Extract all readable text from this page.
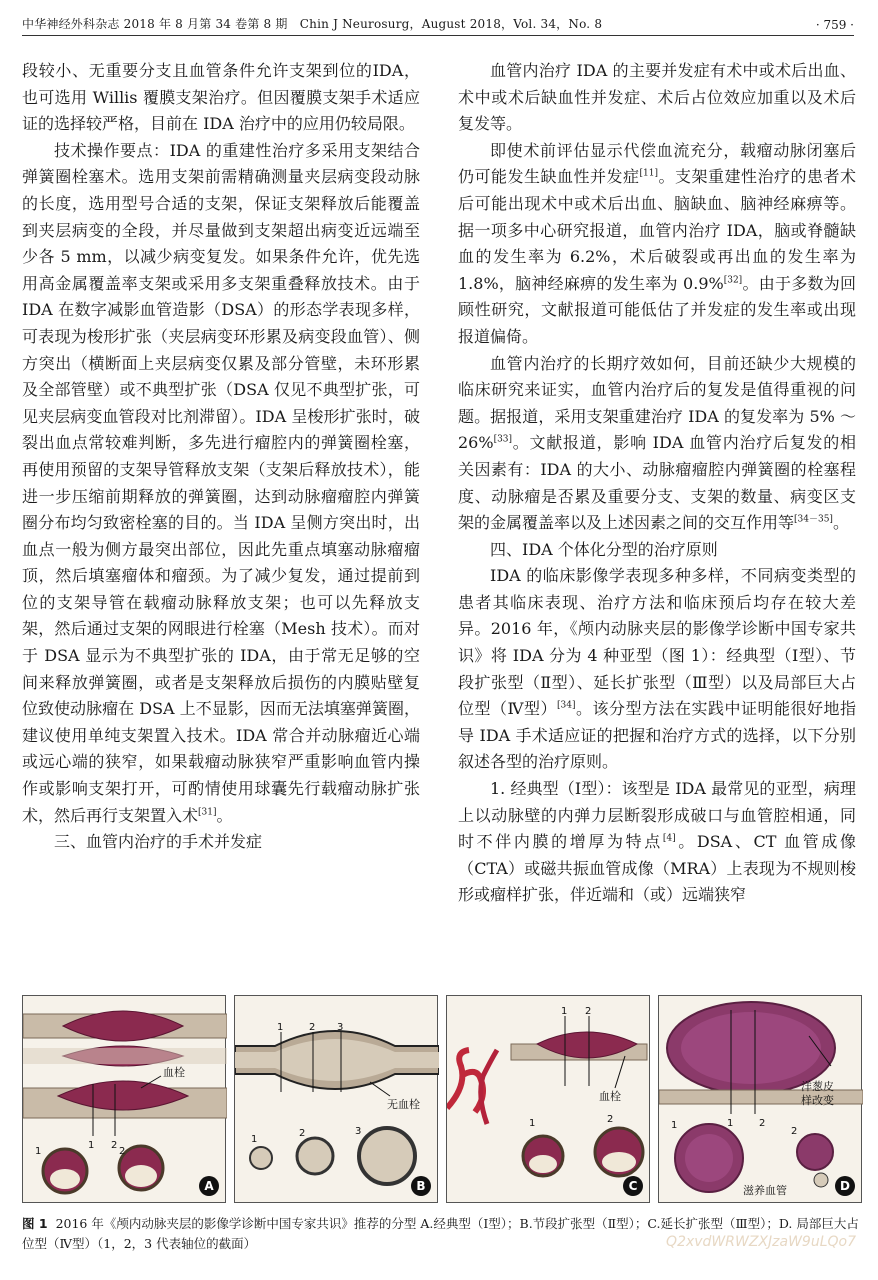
中华神经外科杂志 2018 年 8 月第 34 卷第 8 期　Chin J Neurosurg，August 2018，Vol. 34，No. 8	· 759 ·

段较小、无重要分支且血管条件允许支架到位的IDA，也可选用 Willis 覆膜支架治疗。但因覆膜支架手术适应证的选择较严格，目前在 IDA 治疗中的应用仍较局限。

技术操作要点：IDA 的重建性治疗多采用支架结合弹簧圈栓塞术。选用支架前需精确测量夹层病变段动脉的长度，选用型号合适的支架，保证支架释放后能覆盖到夹层病变的全段，并尽量做到支架超出病变近远端至少各 5 mm，以减少病变复发。如果条件允许，优先选用高金属覆盖率支架或采用多支架重叠释放技术。由于 IDA 在数字减影血管造影（DSA）的形态学表现多样，可表现为梭形扩张（夹层病变环形累及病变段血管）、侧方突出（横断面上夹层病变仅累及部分管壁，未环形累及全部管壁）或不典型扩张（DSA 仅见不典型扩张，可见夹层病变血管段对比剂滞留）。IDA 呈梭形扩张时，破裂出血点常较难判断，多先进行瘤腔内的弹簧圈栓塞，再使用预留的支架导管释放支架（支架后释放技术），能进一步压缩前期释放的弹簧圈，达到动脉瘤瘤腔内弹簧圈分布均匀致密栓塞的目的。当 IDA 呈侧方突出时，出血点一般为侧方最突出部位，因此先重点填塞动脉瘤瘤顶，然后填塞瘤体和瘤颈。为了减少复发，通过提前到位的支架导管在载瘤动脉释放支架；也可以先释放支架，然后通过支架的网眼进行栓塞（Mesh 技术）。而对于 DSA 显示为不典型扩张的 IDA，由于常无足够的空间来释放弹簧圈，或者是支架释放后损伤的内膜贴壁复位致使动脉瘤在 DSA 上不显影，因而无法填塞弹簧圈，建议使用单纯支架置入技术。IDA 常合并动脉瘤近心端或远心端的狭窄，如果载瘤动脉狭窄严重影响血管内操作或影响支架打开，可酌情使用球囊先行载瘤动脉扩张术，然后再行支架置入术[31]。

三、血管内治疗的手术并发症

血管内治疗 IDA 的主要并发症有术中或术后出血、术中或术后缺血性并发症、术后占位效应加重以及术后复发等。

即使术前评估显示代偿血流充分，载瘤动脉闭塞后仍可能发生缺血性并发症[11]。支架重建性治疗的患者术后可能出现术中或术后出血、脑缺血、脑神经麻痹等。据一项多中心研究报道，血管内治疗 IDA，脑或脊髓缺血的发生率为 6.2%，术后破裂或再出血的发生率为 1.8%，脑神经麻痹的发生率为 0.9%[32]。由于多数为回顾性研究，文献报道可能低估了并发症的发生率或出现报道偏倚。

血管内治疗的长期疗效如何，目前还缺少大规模的临床研究来证实，血管内治疗后的复发是值得重视的问题。据报道，采用支架重建治疗 IDA 的复发率为 5% ～26%[33]。文献报道，影响 IDA 血管内治疗后复发的相关因素有：IDA 的大小、动脉瘤瘤腔内弹簧圈的栓塞程度、动脉瘤是否累及重要分支、支架的数量、病变区支架的金属覆盖率以及上述因素之间的交互作用等[34－35]。

四、IDA 个体化分型的治疗原则

IDA 的临床影像学表现多种多样，不同病变类型的患者其临床表现、治疗方法和临床预后均存在较大差异。2016 年，《颅内动脉夹层的影像学诊断中国专家共识》将 IDA 分为 4 种亚型（图 1）：经典型（Ⅰ型）、节段扩张型（Ⅱ型）、延长扩张型（Ⅲ型）以及局部巨大占位型（Ⅳ型）[34]。该分型方法在实践中证明能很好地指导 IDA 手术适应证的把握和治疗方式的选择，以下分别叙述各型的治疗原则。

1. 经典型（Ⅰ型）：该型是 IDA 最常见的亚型，病理上以动脉壁的内弹力层断裂形成破口与血管腔相通，同时不伴内膜的增厚为特点[4]。DSA、CT 血管成像（CTA）或磁共振血管成像（MRA）上表现为不规则梭形或瘤样扩张，伴近端和（或）远端狭窄

血栓
1 2
1	2
A
1	2 3
无血栓
1
2	3
B
1 2
血栓
1	2
C
1	2
洋葱皮
样改变
1
2
滋养血管	D
图 1 2016 年《颅内动脉夹层的影像学诊断中国专家共识》推荐的分型 A.经典型（Ⅰ型）；B.节段扩张型（Ⅱ型）；C.延长扩张型（Ⅲ型）；D. 局部巨大占位型（Ⅳ型）（1，2，3 代表轴位的截面）	Q2xvdWRWZXJzaW9uLQo7
